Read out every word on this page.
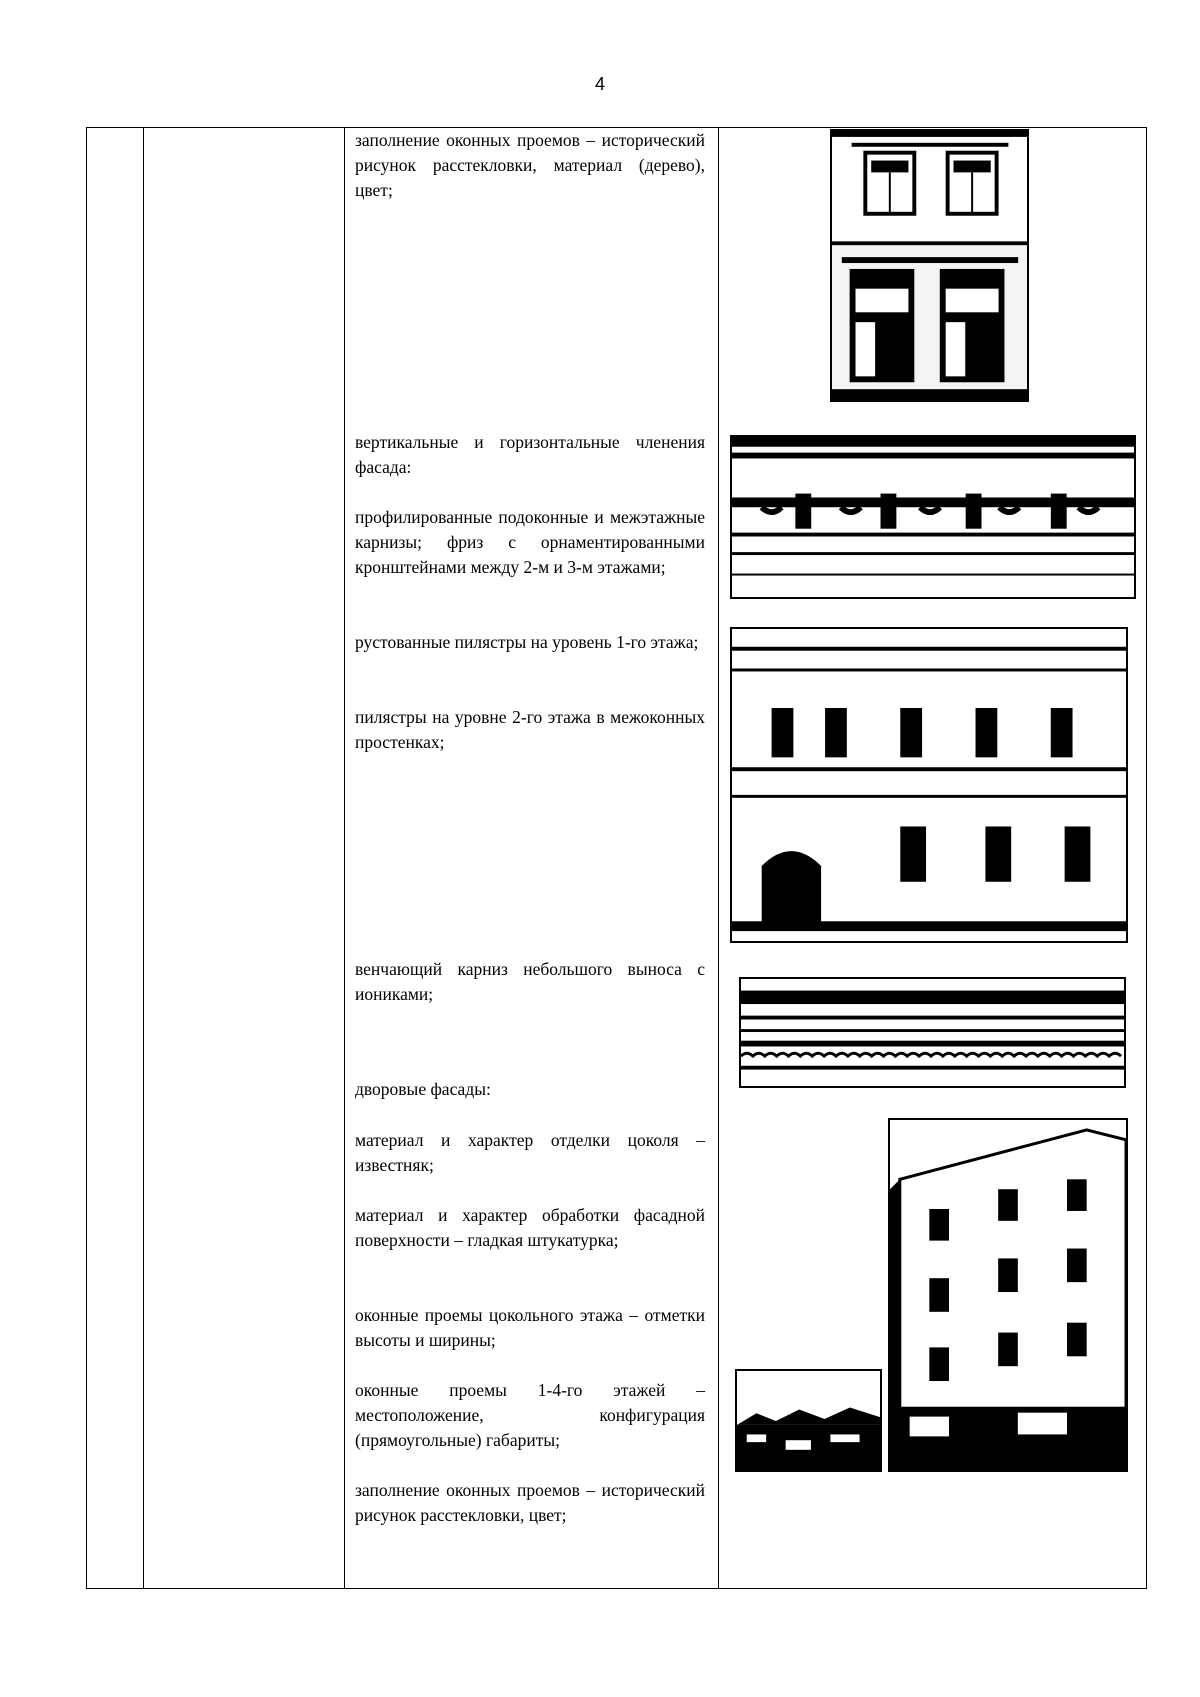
4
заполнение оконных проемов – исторический рисунок расстекловки, материал (дерево), цвет;
вертикальные и горизонтальные членения фасада:
профилированные подоконные и межэтажные карнизы; фриз с орнаментированными кронштейнами между 2-м и 3-м этажами;
рустованные пилястры на уровень 1-го этажа;
пилястры на уровне 2-го этажа в межоконных простенках;
венчающий карниз небольшого выноса с иониками;
дворовые фасады:
материал и характер отделки цоколя – известняк;
материал и характер обработки фасадной поверхности – гладкая штукатурка;
оконные проемы цокольного этажа – отметки высоты и ширины;
оконные проемы 1-4-го этажей – местоположение, конфигурация (прямоугольные) габариты;
заполнение оконных проемов – исторический рисунок расстекловки, цвет;
